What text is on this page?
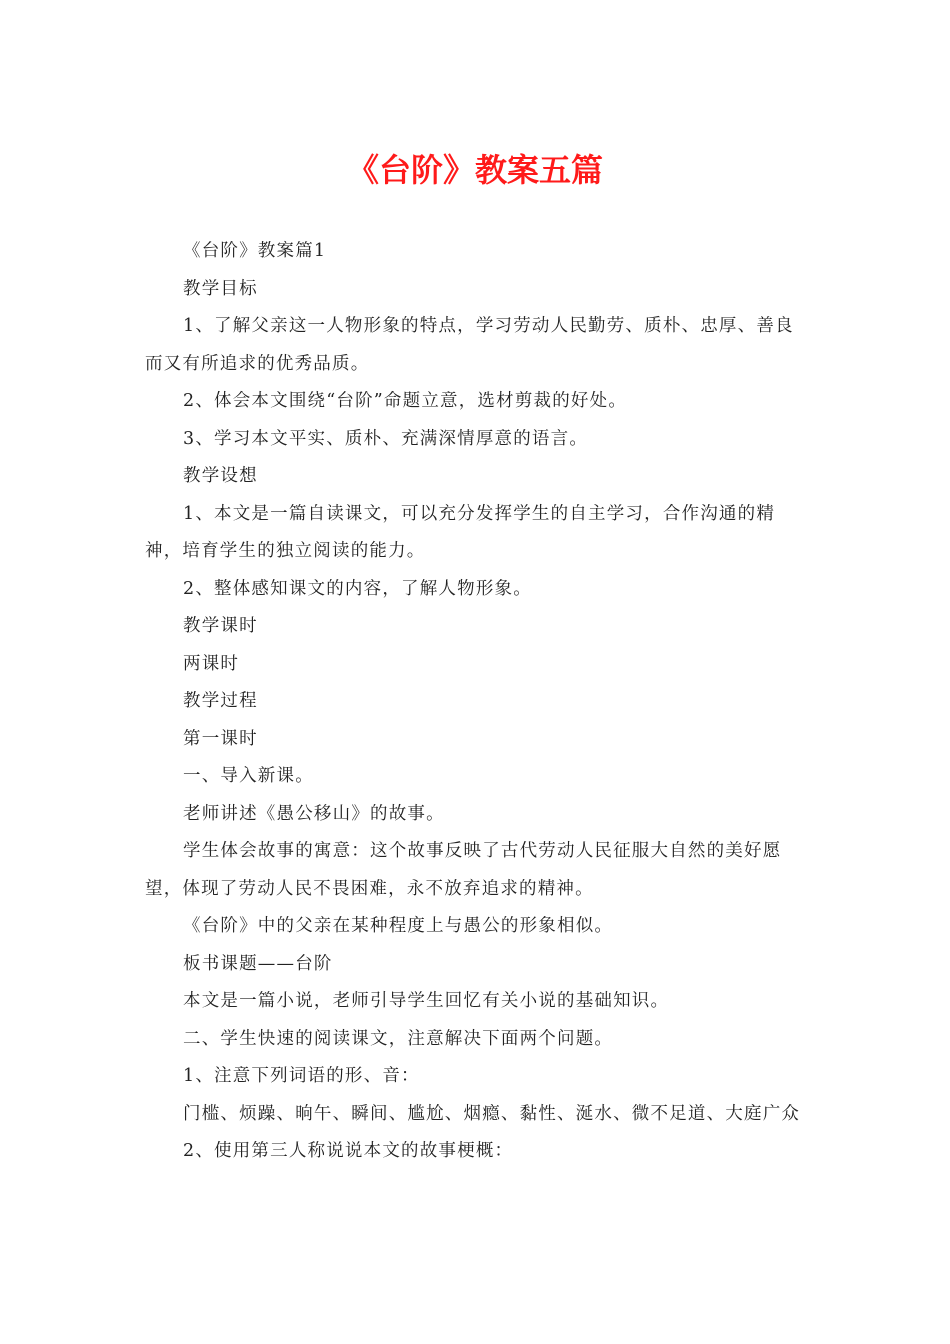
《台阶》教案五篇

《台阶》教案篇1

教学目标

1、了解父亲这一人物形象的特点，学习劳动人民勤劳、质朴、忠厚、善良而又有所追求的优秀品质。

2、体会本文围绕“台阶”命题立意，选材剪裁的好处。

3、学习本文平实、质朴、充满深情厚意的语言。

教学设想

1、本文是一篇自读课文，可以充分发挥学生的自主学习，合作沟通的精神，培育学生的独立阅读的能力。

2、整体感知课文的内容，了解人物形象。

教学课时

两课时

教学过程

第一课时

一、导入新课。

老师讲述《愚公移山》的故事。

学生体会故事的寓意：这个故事反映了古代劳动人民征服大自然的美好愿望，体现了劳动人民不畏困难，永不放弃追求的精神。

《台阶》中的父亲在某种程度上与愚公的形象相似。

板书课题——台阶

本文是一篇小说，老师引导学生回忆有关小说的基础知识。

二、学生快速的阅读课文，注意解决下面两个问题。

1、注意下列词语的形、音：

门槛、烦躁、晌午、瞬间、尴尬、烟瘾、黏性、涎水、微不足道、大庭广众

2、使用第三人称说说本文的故事梗概：
